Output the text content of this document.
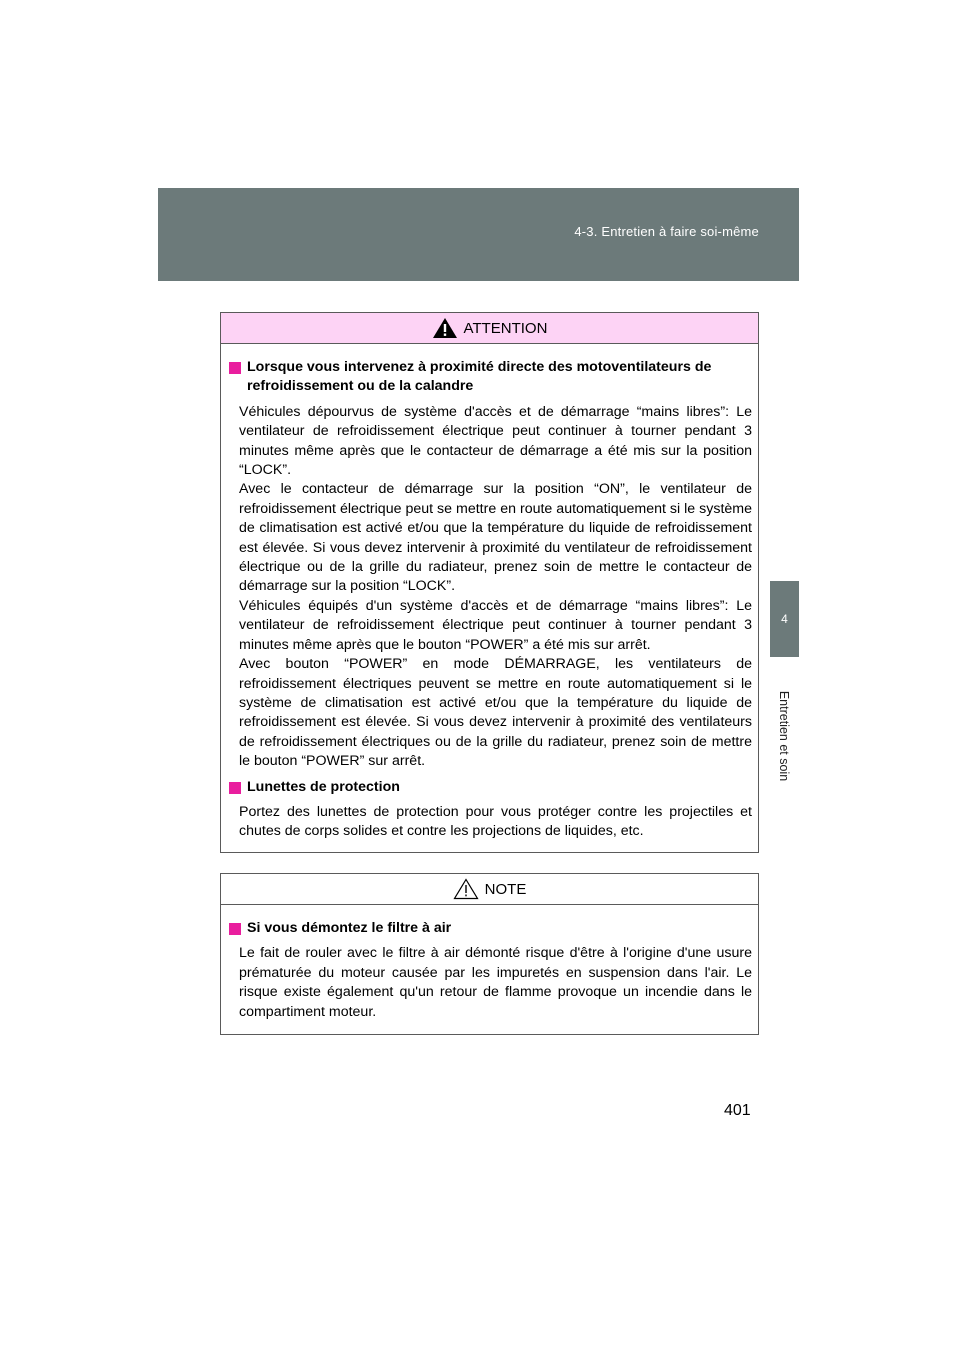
4-3. Entretien à faire soi-même
4
Entretien et soin
ATTENTION
Lorsque vous intervenez à proximité directe des motoventilateurs de refroidissement ou de la calandre

Véhicules dépourvus de système d'accès et de démarrage “mains libres”: Le ventilateur de refroidissement électrique peut continuer à tourner pendant 3 minutes même après que le contacteur de démarrage a été mis sur la position “LOCK”.

Avec le contacteur de démarrage sur la position “ON”, le ventilateur de refroidissement électrique peut se mettre en route automatiquement si le système de climatisation est activé et/ou que la température du liquide de refroidissement est élevée. Si vous devez intervenir à proximité du ventilateur de refroidissement électrique ou de la grille du radiateur, prenez soin de mettre le contacteur de démarrage sur la position “LOCK”.

Véhicules équipés d'un système d'accès et de démarrage “mains libres”: Le ventilateur de refroidissement électrique peut continuer à tourner pendant 3 minutes même après que le bouton “POWER” a été mis sur arrêt.

Avec bouton “POWER” en mode DÉMARRAGE, les ventilateurs de refroidissement électriques peuvent se mettre en route automatiquement si le système de climatisation est activé et/ou que la température du liquide de refroidissement est élevée. Si vous devez intervenir à proximité des ventilateurs de refroidissement électriques ou de la grille du radiateur, prenez soin de mettre le bouton “POWER” sur arrêt.

Lunettes de protection

Portez des lunettes de protection pour vous protéger contre les projectiles et chutes de corps solides et contre les projections de liquides, etc.

NOTE
Si vous démontez le filtre à air

Le fait de rouler avec le filtre à air démonté risque d'être à l'origine d'une usure prématurée du moteur causée par les impuretés en suspension dans l'air. Le risque existe également qu'un retour de flamme provoque un incendie dans le compartiment moteur.

401
